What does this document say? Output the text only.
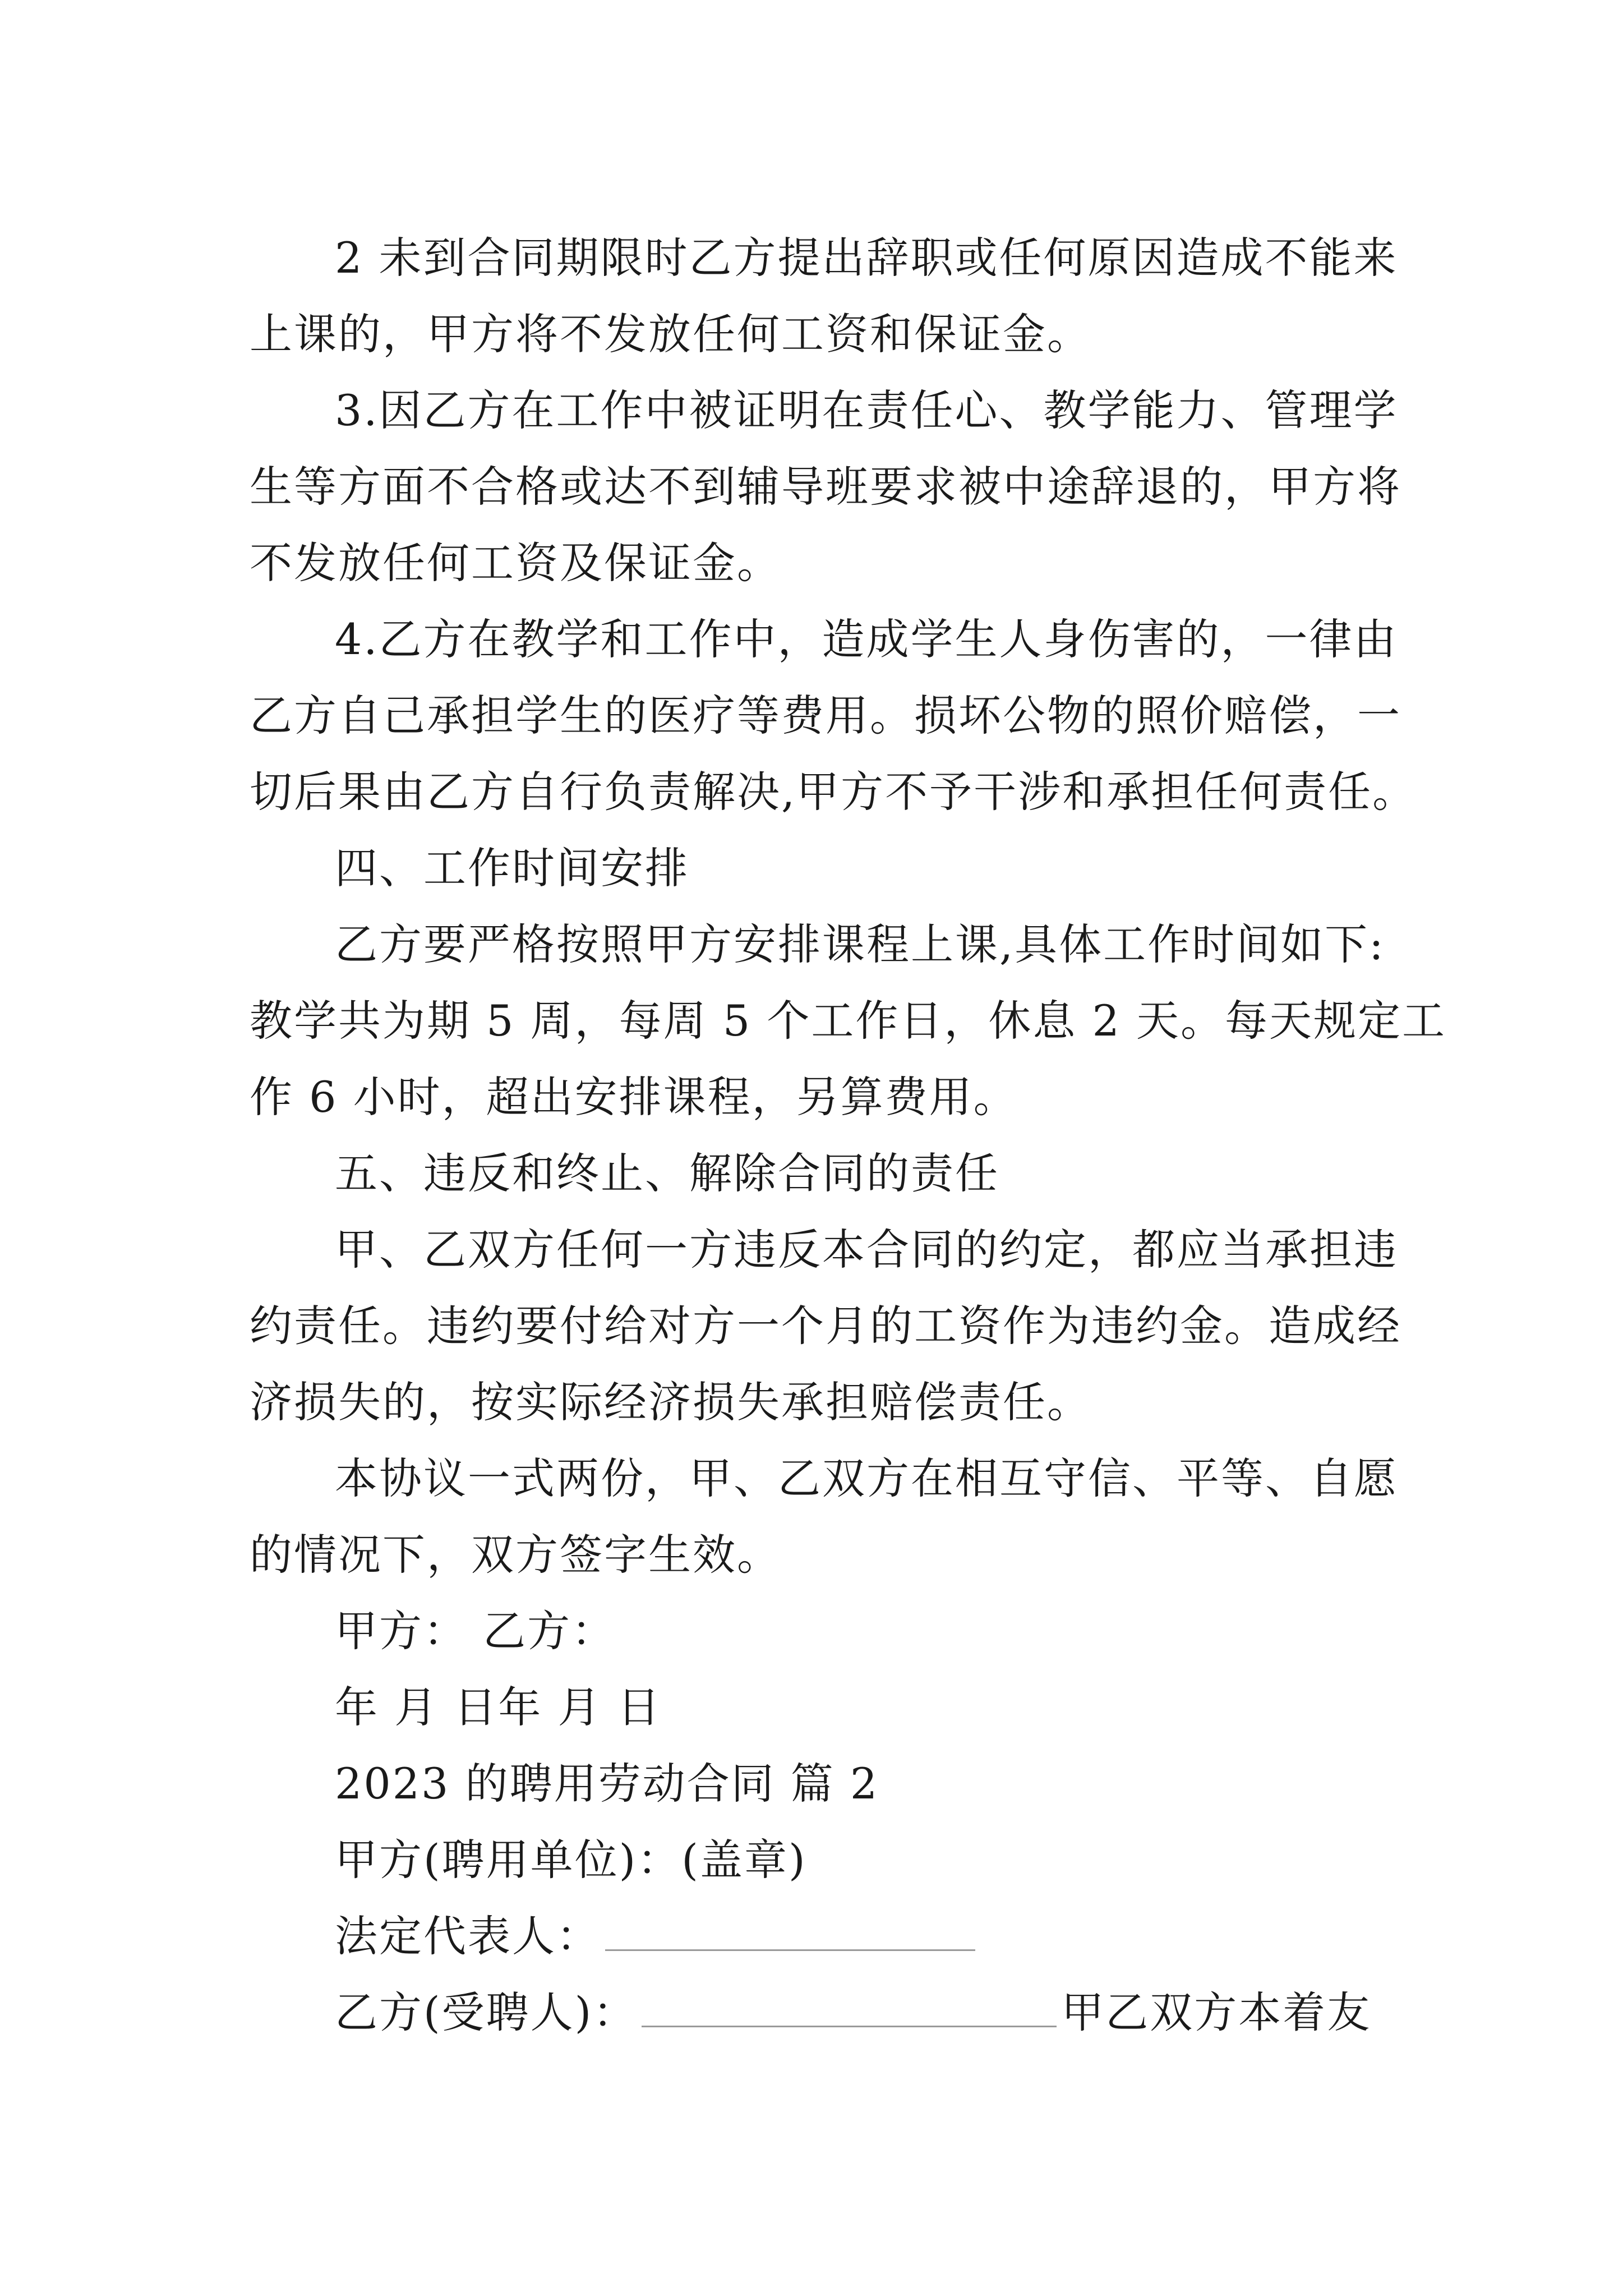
2 未到合同期限时乙方提出辞职或任何原因造成不能来
上课的，甲方将不发放任何工资和保证金。
3.因乙方在工作中被证明在责任心、教学能力、管理学
生等方面不合格或达不到辅导班要求被中途辞退的，甲方将
不发放任何工资及保证金。
4.乙方在教学和工作中，造成学生人身伤害的，一律由
乙方自己承担学生的医疗等费用。损坏公物的照价赔偿，一
切后果由乙方自行负责解决,甲方不予干涉和承担任何责任。
四、工作时间安排
乙方要严格按照甲方安排课程上课,具体工作时间如下:
教学共为期 5 周，每周 5 个工作日，休息 2 天。每天规定工
作 6 小时，超出安排课程，另算费用。
五、违反和终止、解除合同的责任
甲、乙双方任何一方违反本合同的约定，都应当承担违
约责任。违约要付给对方一个月的工资作为违约金。造成经
济损失的，按实际经济损失承担赔偿责任。
本协议一式两份，甲、乙双方在相互守信、平等、自愿
的情况下，双方签字生效。
甲方： 乙方：
年 月 日年 月 日
2023 的聘用劳动合同 篇 2
甲方(聘用单位)：(盖章)
法定代表人：
乙方(受聘人)：	甲乙双方本着友
